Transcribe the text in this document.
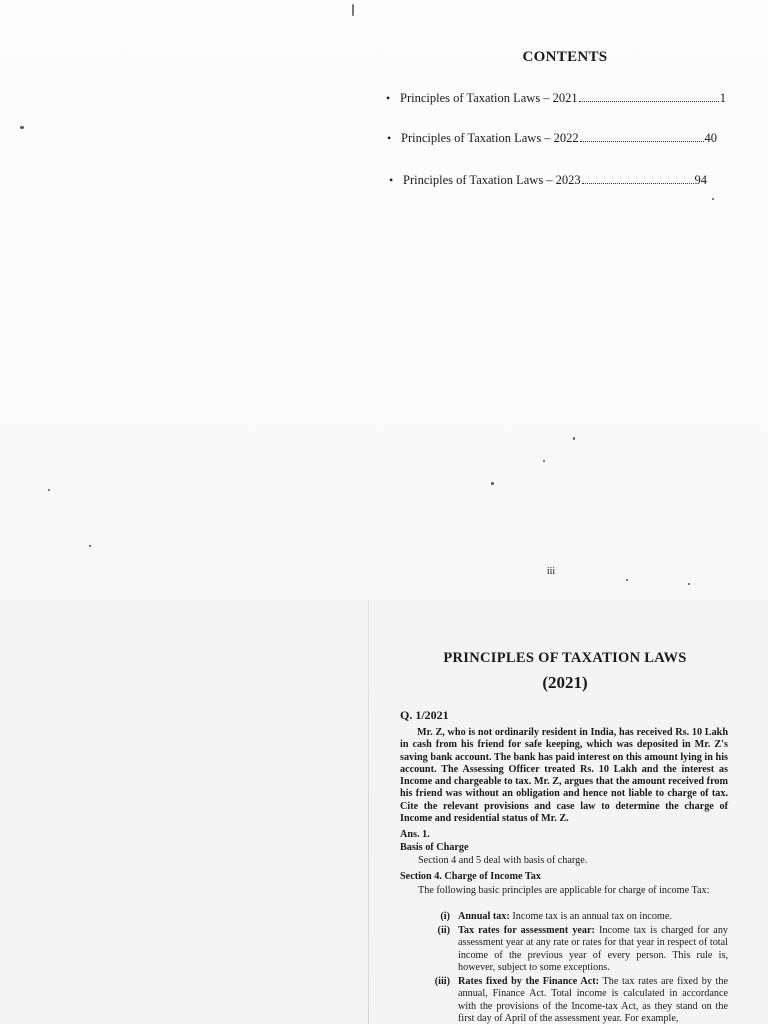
CONTENTS
• Principles of Taxation Laws – 2021	1
• Principles of Taxation Laws – 2022	40
• Principles of Taxation Laws – 2023	94
iii
PRINCIPLES OF TAXATION LAWS
(2021)
Q. 1/2021
Mr. Z, who is not ordinarily resident in India, has received Rs. 10 Lakh in cash from his friend for safe keeping, which was deposited in Mr. Z's saving bank account. The bank has paid interest on this amount lying in his account. The Assessing Officer treated Rs. 10 Lakh and the interest as Income and chargeable to tax. Mr. Z, argues that the amount received from his friend was without an obligation and hence not liable to charge of tax. Cite the relevant provisions and case law to determine the charge of Income and residential status of Mr. Z.
Ans. 1.
Basis of Charge
Section 4 and 5 deal with basis of charge.
Section 4. Charge of Income Tax
The following basic principles are applicable for charge of income Tax:
(i) Annual tax: Income tax is an annual tax on income.
(ii) Tax rates for assessment year: Income tax is charged for any assessment year at any rate or rates for that year in respect of total income of the previous year of every person. This rule is, however, subject to some exceptions.
(iii) Rates fixed by the Finance Act: The tax rates are fixed by the annual, Finance Act. Total income is calculated in accordance with the provisions of the Income-tax Act, as they stand on the first day of April of the assessment year. For example,
